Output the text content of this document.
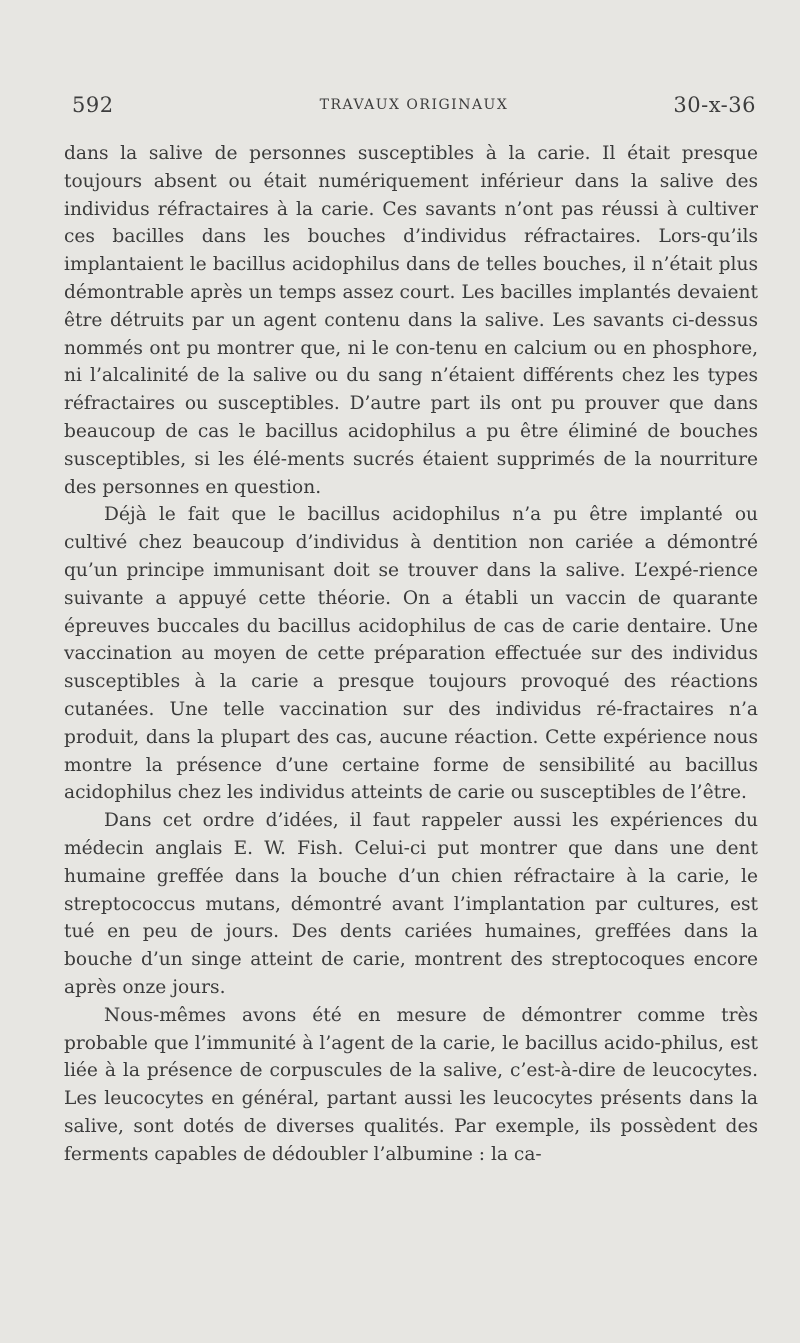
592	TRAVAUX ORIGINAUX	30-x-36

dans la salive de personnes susceptibles à la carie. Il était presque toujours absent ou était numériquement inférieur dans la salive des individus réfractaires à la carie. Ces savants n’ont pas réussi à cultiver ces bacilles dans les bouches d’individus réfractaires. Lors-qu’ils implantaient le bacillus acidophilus dans de telles bouches, il n’était plus démontrable après un temps assez court. Les bacilles implantés devaient être détruits par un agent contenu dans la salive. Les savants ci-dessus nommés ont pu montrer que, ni le con-tenu en calcium ou en phosphore, ni l’alcalinité de la salive ou du sang n’étaient différents chez les types réfractaires ou susceptibles. D’autre part ils ont pu prouver que dans beaucoup de cas le bacillus acidophilus a pu être éliminé de bouches susceptibles, si les élé-ments sucrés étaient supprimés de la nourriture des personnes en question.

Déjà le fait que le bacillus acidophilus n’a pu être implanté ou cultivé chez beaucoup d’individus à dentition non cariée a démontré qu’un principe immunisant doit se trouver dans la salive. L’expé-rience suivante a appuyé cette théorie. On a établi un vaccin de quarante épreuves buccales du bacillus acidophilus de cas de carie dentaire. Une vaccination au moyen de cette préparation effectuée sur des individus susceptibles à la carie a presque toujours provoqué des réactions cutanées. Une telle vaccination sur des individus ré-fractaires n’a produit, dans la plupart des cas, aucune réaction. Cette expérience nous montre la présence d’une certaine forme de sensibilité au bacillus acidophilus chez les individus atteints de carie ou susceptibles de l’être.

Dans cet ordre d’idées, il faut rappeler aussi les expériences du médecin anglais E. W. Fish. Celui-ci put montrer que dans une dent humaine greffée dans la bouche d’un chien réfractaire à la carie, le streptococcus mutans, démontré avant l’implantation par cultures, est tué en peu de jours. Des dents cariées humaines, greffées dans la bouche d’un singe atteint de carie, montrent des streptocoques encore après onze jours.

Nous-mêmes avons été en mesure de démontrer comme très probable que l’immunité à l’agent de la carie, le bacillus acido-philus, est liée à la présence de corpuscules de la salive, c’est-à-dire de leucocytes. Les leucocytes en général, partant aussi les leucocytes présents dans la salive, sont dotés de diverses qualités. Par exemple, ils possèdent des ferments capables de dédoubler l’albumine : la ca-
